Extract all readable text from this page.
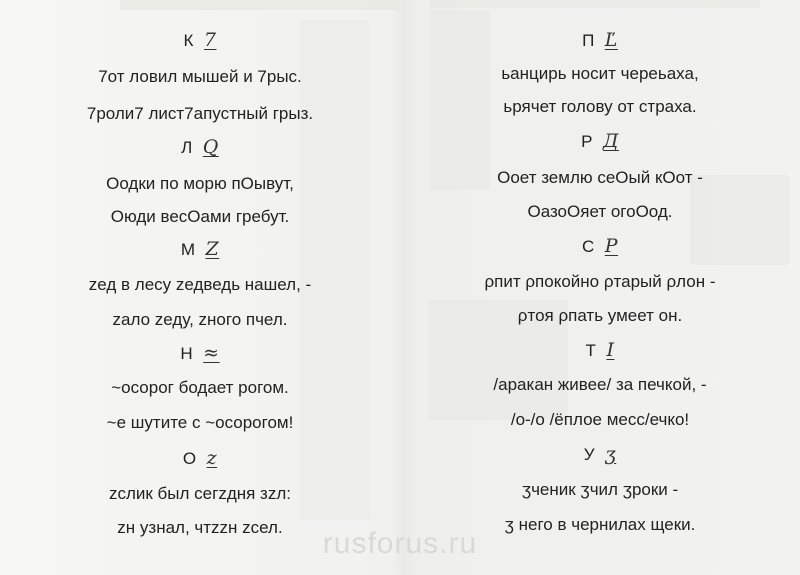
К 7
7от ловил мышей и 7рыс.
7роли7 лист7апустный грыз.
Л Q
Oодки по морю пOывут,
Oюди весOами гребут.
М Z
zед в лесу zедведь нашел, -
zало zеду, zного пчел.
Н ≈
~осорог бодает рогом.
~е шутите с ~осорогом!
О z
zслик был сегzдня зzл:
zн узнал, чтzzн zсел.
П Ľ
ьанцирь носит череьаха,
ьрячет голову от страха.
Р Д
Ооет землю сеОый кОот -
ОазоОяет огоОод.
С P
ρпит ρпокойно ρтарый ρлон -
ρтоя ρпать умеет он.
Т I
/аракан живее/ за печкой, -
/о-/о /ёплое месс/ечко!
У ʒ
ʒченик ʒчил ʒроки -
ʒ него в чернилах щеки.
rusforus.ru
